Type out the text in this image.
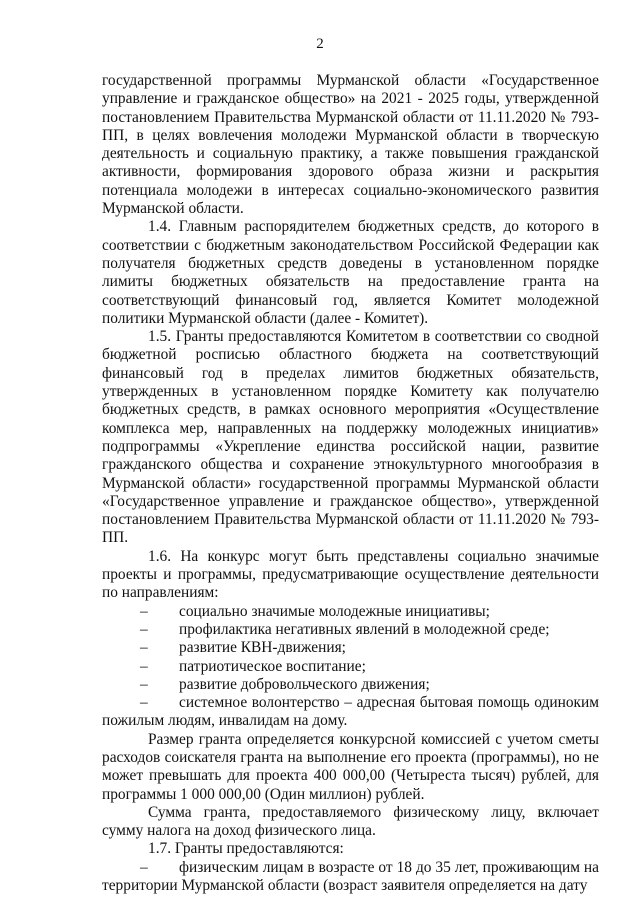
2

государственной программы Мурманской области «Государственное управление и гражданское общество» на 2021 - 2025 годы, утвержденной постановлением Правительства Мурманской области от 11.11.2020 № 793-ПП, в целях вовлечения молодежи Мурманской области в творческую деятельность и социальную практику, а также повышения гражданской активности, формирования здорового образа жизни и раскрытия потенциала молодежи в интересах социально-экономического развития Мурманской области.

1.4. Главным распорядителем бюджетных средств, до которого в соответствии с бюджетным законодательством Российской Федерации как получателя бюджетных средств доведены в установленном порядке лимиты бюджетных обязательств на предоставление гранта на соответствующий финансовый год, является Комитет молодежной политики Мурманской области (далее - Комитет).

1.5. Гранты предоставляются Комитетом в соответствии со сводной бюджетной росписью областного бюджета на соответствующий финансовый год в пределах лимитов бюджетных обязательств, утвержденных в установленном порядке Комитету как получателю бюджетных средств, в рамках основного мероприятия «Осуществление комплекса мер, направленных на поддержку молодежных инициатив» подпрограммы «Укрепление единства российской нации, развитие гражданского общества и сохранение этнокультурного многообразия в Мурманской области» государственной программы Мурманской области «Государственное управление и гражданское общество», утвержденной постановлением Правительства Мурманской области от 11.11.2020 № 793-ПП.

1.6. На конкурс могут быть представлены социально значимые проекты и программы, предусматривающие осуществление деятельности по направлениям:

–	социально значимые молодежные инициативы;
–	профилактика негативных явлений в молодежной среде;
–	развитие КВН-движения;
–	патриотическое воспитание;
–	развитие добровольческого движения;

– системное волонтерство – адресная бытовая помощь одиноким пожилым людям, инвалидам на дому.

Размер гранта определяется конкурсной комиссией с учетом сметы расходов соискателя гранта на выполнение его проекта (программы), но не может превышать для проекта 400 000,00 (Четыреста тысяч) рублей, для программы 1 000 000,00 (Один миллион) рублей.

Сумма гранта, предоставляемого физическому лицу, включает сумму налога на доход физического лица.

1.7. Гранты предоставляются:

– физическим лицам в возрасте от 18 до 35 лет, проживающим на территории Мурманской области (возраст заявителя определяется на дату
